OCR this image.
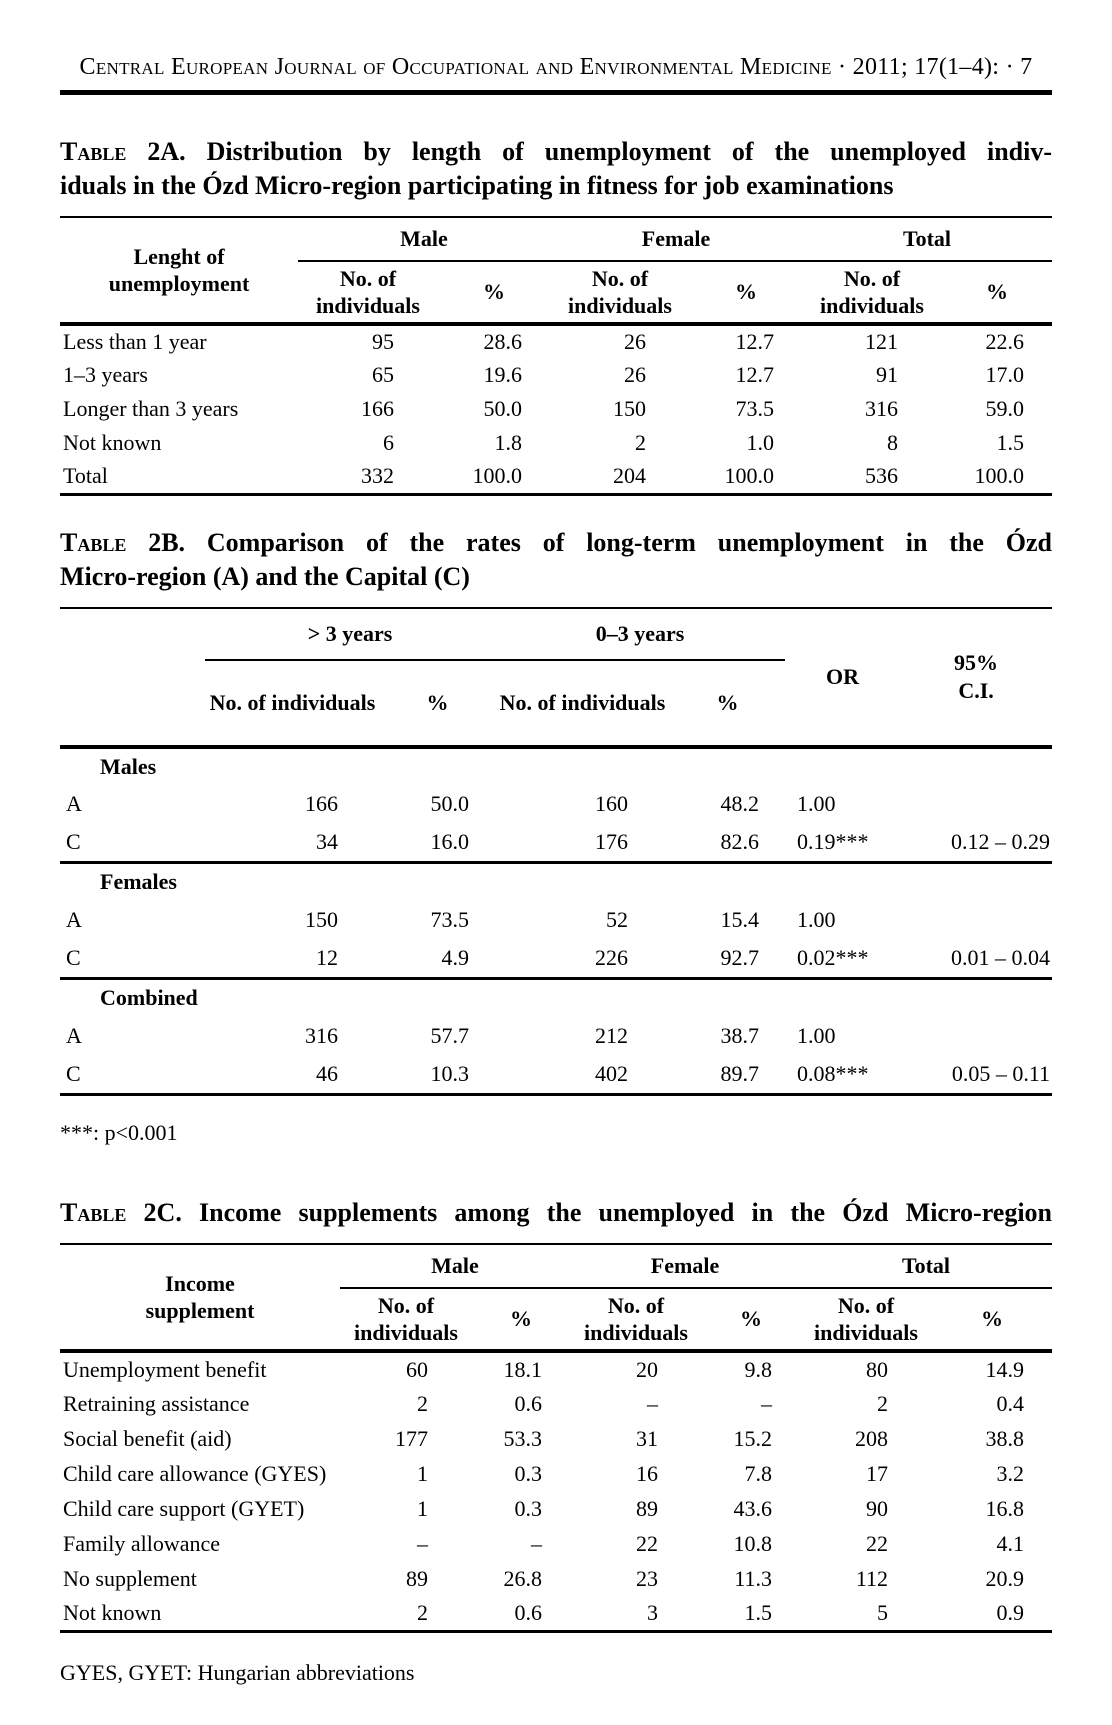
Central European Journal of Occupational and Environmental Medicine · 2011; 17(1–4): · 7
Table 2A. Distribution by length of unemployment of the unemployed indiv-
iduals in the Ózd Micro-region participating in fitness for job examinations
Lenght of unemployment	Male		Female		Total	

	No. of individuals	%	No. of individuals	%	No. of individuals	%
Less than 1 year	95	28.6	26	12.7	121	22.6
1–3 years	65	19.6	26	12.7	91	17.0
Longer than 3 years	166	50.0	150	73.5	316	59.0
Not known	6	1.8	2	1.0	8	1.5
Total	332	100.0	204	100.0	536	100.0
Table 2B. Comparison of the rates of long-term unemployment in the Ózd
Micro-region (A) and the Capital (C)

> 3 years	0–3 years
	OR	
95%
C.I.

	No. of individuals	%	No. of individuals	%		
Males						
A	166	50.0	160	48.2	1.00	
C	34	16.0	176	82.6	0.19***	0.12 – 0.29
Females						
A	150	73.5	52	15.4	1.00	
C	12	4.9	226	92.7	0.02***	0.01 – 0.04
Combined						
A	316	57.7	212	38.7	1.00	
C	46	10.3	402	89.7	0.08***	0.05 – 0.11
***: p<0.001
Table 2C. Income supplements among the unemployed in the Ózd Micro-region
Income supplement	Male		Female		Total	

	No. of individuals	%	No. of individuals	%	No. of individuals	%
Unemployment benefit	60	18.1	20	9.8	80	14.9
Retraining assistance	2	0.6	–	–	2	0.4
Social benefit (aid)	177	53.3	31	15.2	208	38.8
Child care allowance (GYES)	1	0.3	16	7.8	17	3.2
Child care support (GYET)	1	0.3	89	43.6	90	16.8
Family allowance	–	–	22	10.8	22	4.1
No supplement	89	26.8	23	11.3	112	20.9
Not known	2	0.6	3	1.5	5	0.9
GYES, GYET: Hungarian abbreviations
